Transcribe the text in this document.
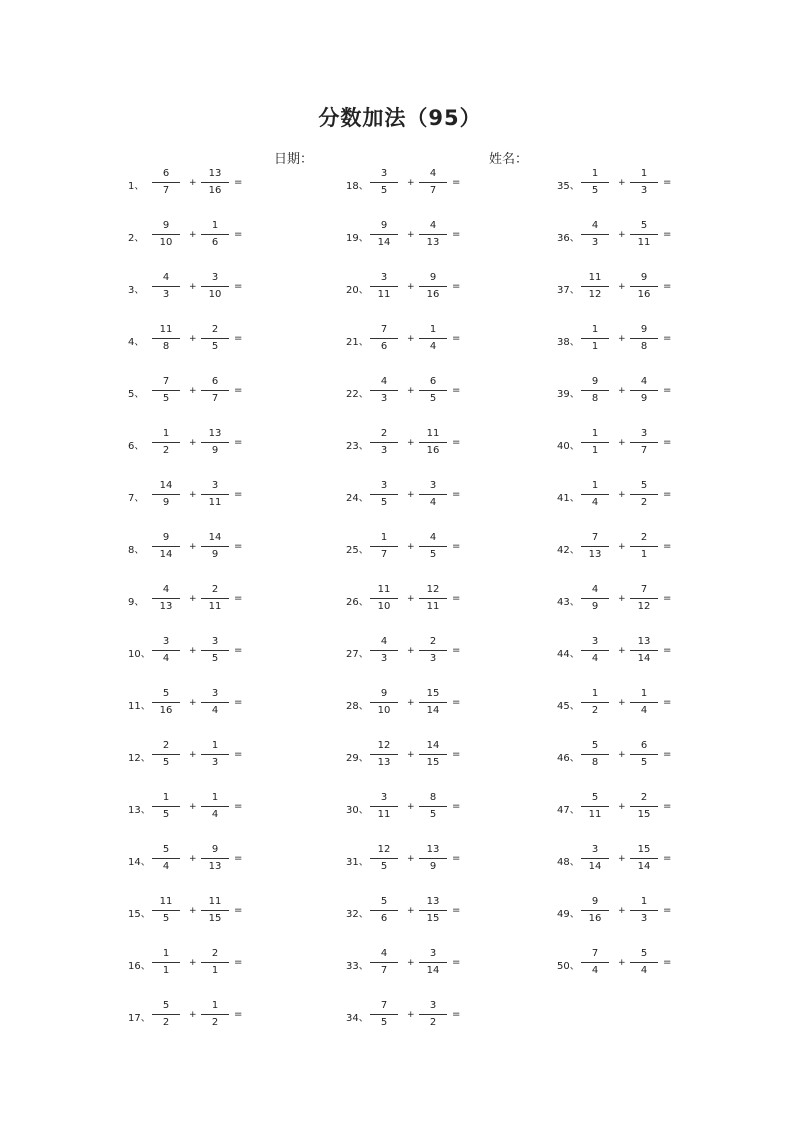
分数加法（95）
日期：	姓名：
1、
6
7
+
13
16
=
2、
9
10
+
1
6
=
3、
4
3
+
3
10
=
4、
11
8
+
2
5
=
5、
7
5
+
6
7
=
6、
1
2
+
13
9
=
7、
14
9
+
3
11
=
8、
9
14
+
14
9
=
9、
4
13
+
2
11
=
10、
3
4
+
3
5
=
11、
5
16
+
3
4
=
12、
2
5
+
1
3
=
13、
1
5
+
1
4
=
14、
5
4
+
9
13
=
15、
11
5
+
11
15
=
16、
1
1
+
2
1
=
17、
5
2
+
1
2
=
18、
3
5
+
4
7
=
19、
9
14
+
4
13
=
20、
3
11
+
9
16
=
21、
7
6
+
1
4
=
22、
4
3
+
6
5
=
23、
2
3
+
11
16
=
24、
3
5
+
3
4
=
25、
1
7
+
4
5
=
26、
11
10
+
12
11
=
27、
4
3
+
2
3
=
28、
9
10
+
15
14
=
29、
12
13
+
14
15
=
30、
3
11
+
8
5
=
31、
12
5
+
13
9
=
32、
5
6
+
13
15
=
33、
4
7
+
3
14
=
34、
7
5
+
3
2
=
35、
1
5
+
1
3
=
36、
4
3
+
5
11
=
37、
11
12
+
9
16
=
38、
1
1
+
9
8
=
39、
9
8
+
4
9
=
40、
1
1
+
3
7
=
41、
1
4
+
5
2
=
42、
7
13
+
2
1
=
43、
4
9
+
7
12
=
44、
3
4
+
13
14
=
45、
1
2
+
1
4
=
46、
5
8
+
6
5
=
47、
5
11
+
2
15
=
48、
3
14
+
15
14
=
49、
9
16
+
1
3
=
50、
7
4
+
5
4
=
